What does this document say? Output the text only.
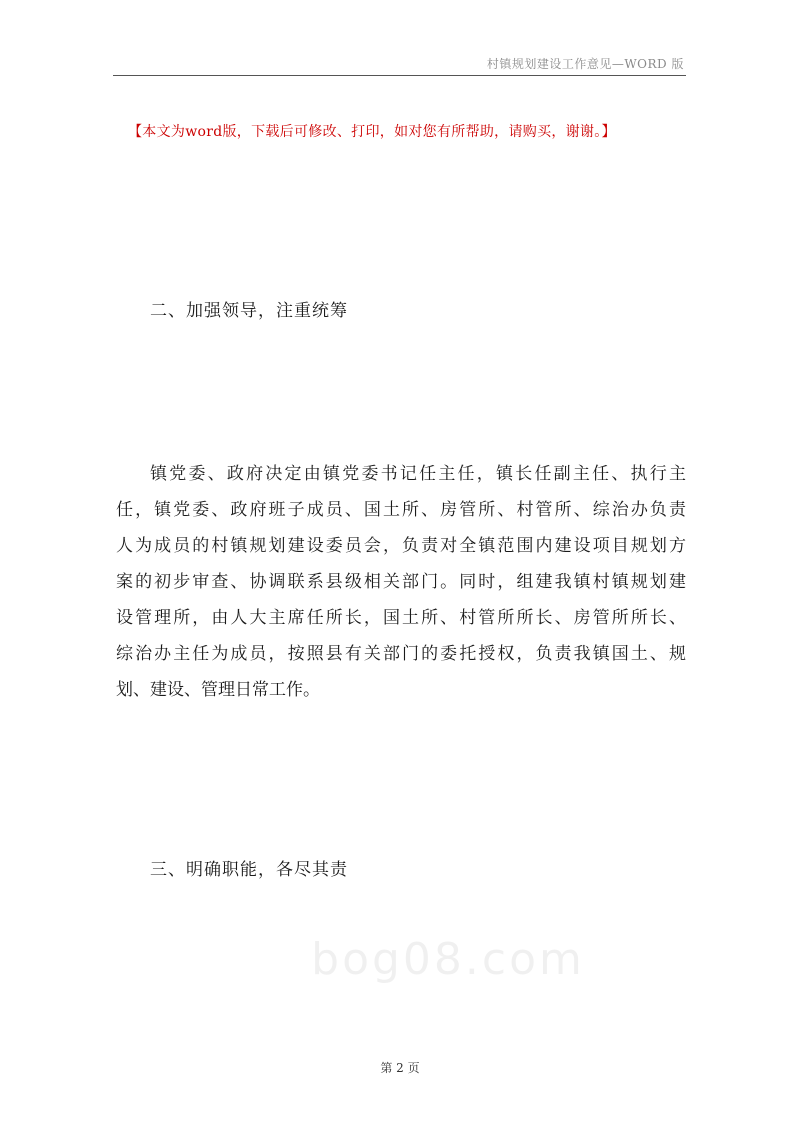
村镇规划建设工作意见—WORD 版
【本文为word版，下载后可修改、打印，如对您有所帮助，请购买，谢谢。】
二、加强领导，注重统筹
镇党委、政府决定由镇党委书记任主任，镇长任副主任、执行主
任，镇党委、政府班子成员、国土所、房管所、村管所、综治办负责
人为成员的村镇规划建设委员会，负责对全镇范围内建设项目规划方
案的初步审查、协调联系县级相关部门。同时，组建我镇村镇规划建
设管理所，由人大主席任所长，国土所、村管所所长、房管所所长、
综治办主任为成员，按照县有关部门的委托授权，负责我镇国土、规
划、建设、管理日常工作。
三、明确职能，各尽其责
bog08.com
第 2 页
